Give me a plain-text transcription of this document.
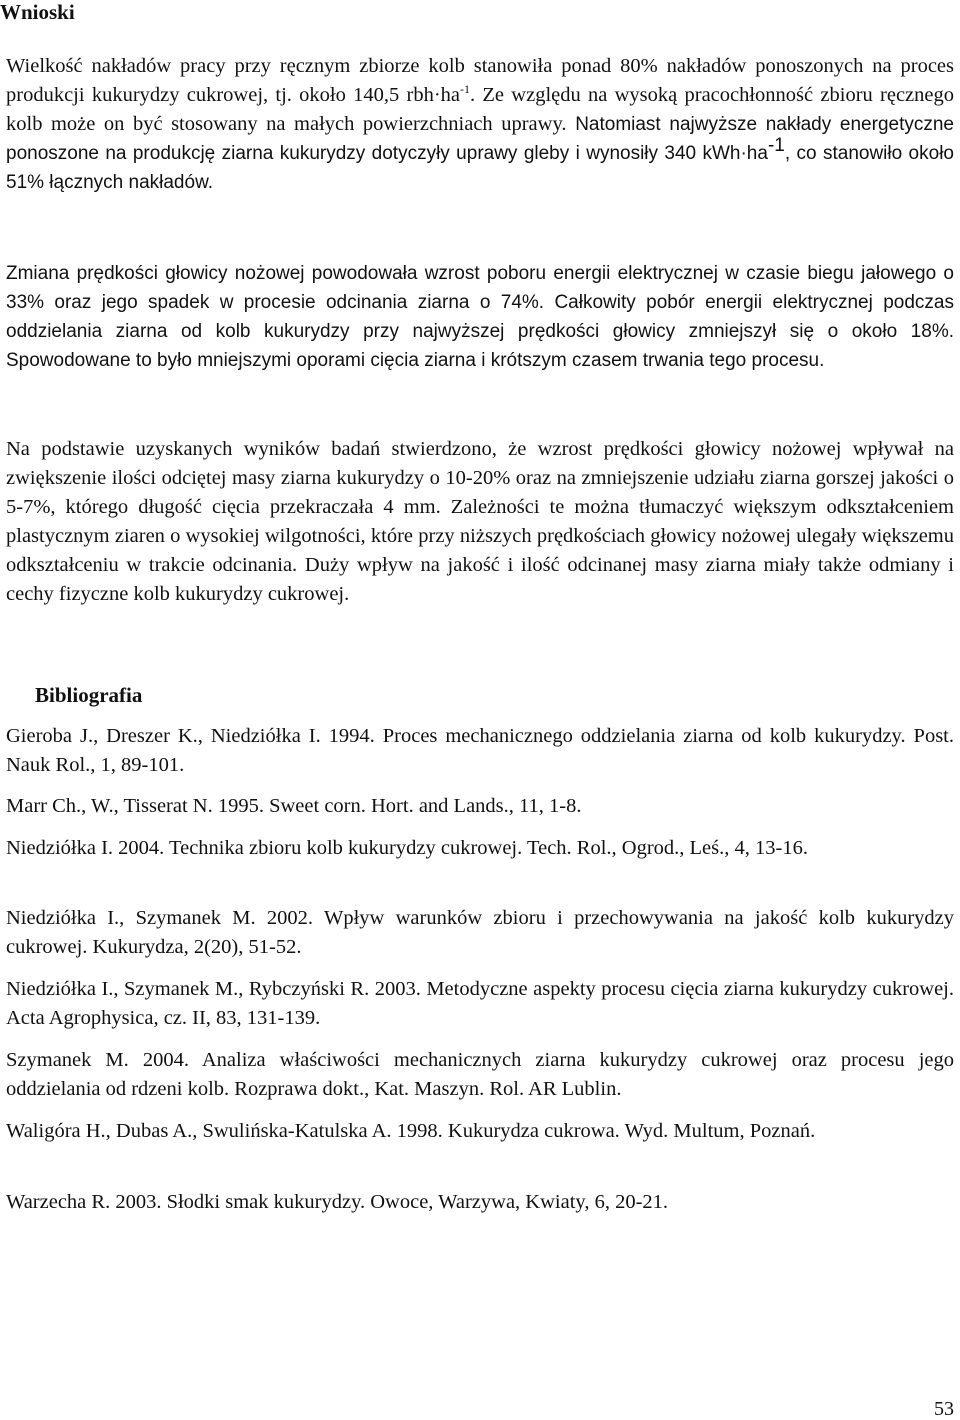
Wnioski

Wielkość nakładów pracy przy ręcznym zbiorze kolb stanowiła ponad 80% nakładów ponoszonych na proces produkcji kukurydzy cukrowej, tj. około 140,5 $rbh\cdot ha^{-1}$. Ze względu na wysoką pracochłonność zbioru ręcznego kolb może on być stosowany na małych powierzchniach uprawy. Natomiast najwyższe nakłady energetyczne ponoszone na produkcję ziarna kukurydzy dotyczyły uprawy gleby i wynosiły 340 $kWh\cdot ha^{-1}$, co stanowiło około 51% łącznych nakładów.

Zmiana prędkości głowicy nożowej powodowała wzrost poboru energii elektrycznej w czasie biegu jałowego o 33% oraz jego spadek w procesie odcinania ziarna o 74%. Całkowity pobór energii elektrycznej podczas oddzielania ziarna od kolb kukurydzy przy najwyższej prędkości głowicy zmniejszył się o około 18%. Spowodowane to było mniejszymi oporami cięcia ziarna i krótszym czasem trwania tego procesu.

Na podstawie uzyskanych wyników badań stwierdzono, że wzrost prędkości głowicy nożowej wpływał na zwiększenie ilości odciętej masy ziarna kukurydzy o 10-20% oraz na zmniejszenie udziału ziarna gorszej jakości o 5-7%, którego długość cięcia przekraczała 4 mm. Zależności te można tłumaczyć większym odkształceniem plastycznym ziaren o wysokiej wilgotności, które przy niższych prędkościach głowicy nożowej ulegały większemu odkształceniu w trakcie odcinania. Duży wpływ na jakość i ilość odcinanej masy ziarna miały także odmiany i cechy fizyczne kolb kukurydzy cukrowej.

Bibliografia

Gieroba J., Dreszer K., Niedziółka I. 1994. Proces mechanicznego oddzielania ziarna od kolb kukurydzy. Post. Nauk Rol., 1, 89-101.

Marr Ch., W., Tisserat N. 1995. Sweet corn. Hort. and Lands., 11, 1-8.

Niedziółka I. 2004. Technika zbioru kolb kukurydzy cukrowej. Tech. Rol., Ogrod., Leś., 4, 13-16.

Niedziółka I., Szymanek M. 2002. Wpływ warunków zbioru i przechowywania na jakość kolb kukurydzy cukrowej. Kukurydza, 2(20), 51-52.

Niedziółka I., Szymanek M., Rybczyński R. 2003. Metodyczne aspekty procesu cięcia ziarna kukurydzy cukrowej. Acta Agrophysica, cz. II, 83, 131-139.

Szymanek M. 2004. Analiza właściwości mechanicznych ziarna kukurydzy cukrowej oraz procesu jego oddzielania od rdzeni kolb. Rozprawa dokt., Kat. Maszyn. Rol. AR Lublin.

Waligóra H., Dubas A., Swulińska-Katulska A. 1998. Kukurydza cukrowa. Wyd. Multum, Poznań.

Warzecha R. 2003. Słodki smak kukurydzy. Owoce, Warzywa, Kwiaty, 6, 20-21.

53
